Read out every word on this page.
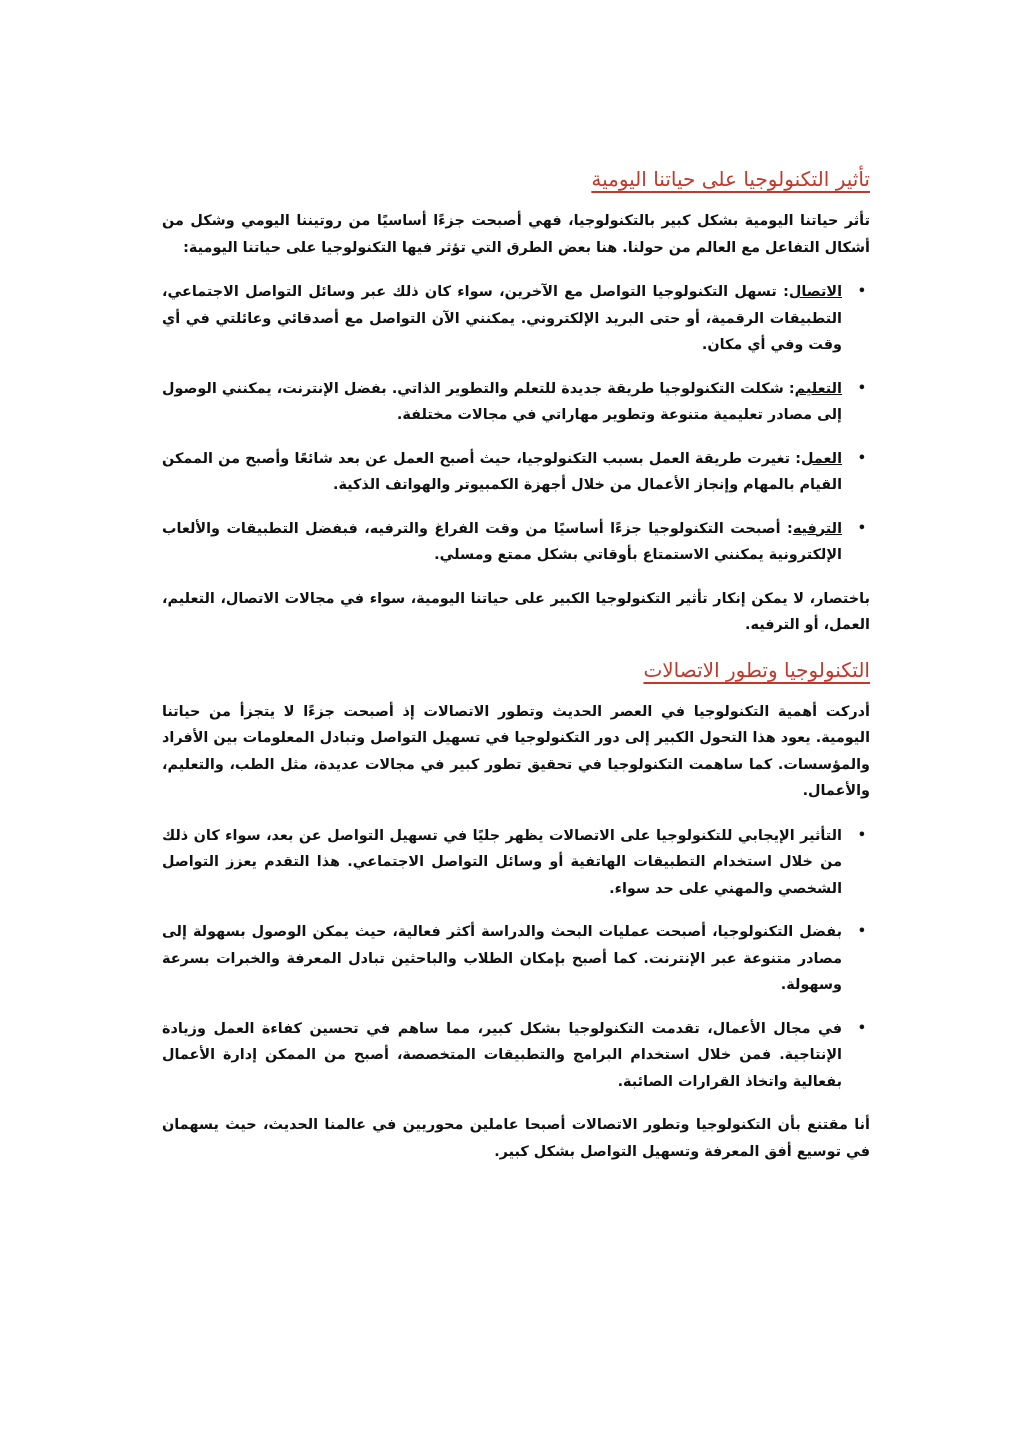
تأثير التكنولوجيا على حياتنا اليومية

تأثر حياتنا اليومية بشكل كبير بالتكنولوجيا، فهي أصبحت جزءًا أساسيًا من روتيننا اليومي وشكل من أشكال التفاعل مع العالم من حولنا. هنا بعض الطرق التي تؤثر فيها التكنولوجيا على حياتنا اليومية:

•
الاتصال: تسهل التكنولوجيا التواصل مع الآخرين، سواء كان ذلك عبر وسائل التواصل الاجتماعي، التطبيقات الرقمية، أو حتى البريد الإلكتروني. يمكنني الآن التواصل مع أصدقائي وعائلتي في أي وقت وفي أي مكان.
•
التعليم: شكلت التكنولوجيا طريقة جديدة للتعلم والتطوير الذاتي. بفضل الإنترنت، يمكنني الوصول إلى مصادر تعليمية متنوعة وتطوير مهاراتي في مجالات مختلفة.
•
العمل: تغيرت طريقة العمل بسبب التكنولوجيا، حيث أصبح العمل عن بعد شائعًا وأصبح من الممكن القيام بالمهام وإنجاز الأعمال من خلال أجهزة الكمبيوتر والهواتف الذكية.
•
الترفيه: أصبحت التكنولوجيا جزءًا أساسيًا من وقت الفراغ والترفيه، فبفضل التطبيقات والألعاب الإلكترونية يمكنني الاستمتاع بأوقاتي بشكل ممتع ومسلي.

باختصار، لا يمكن إنكار تأثير التكنولوجيا الكبير على حياتنا اليومية، سواء في مجالات الاتصال، التعليم، العمل، أو الترفيه.

التكنولوجيا وتطور الاتصالات

أدركت أهمية التكنولوجيا في العصر الحديث وتطور الاتصالات إذ أصبحت جزءًا لا يتجزأ من حياتنا اليومية. يعود هذا التحول الكبير إلى دور التكنولوجيا في تسهيل التواصل وتبادل المعلومات بين الأفراد والمؤسسات. كما ساهمت التكنولوجيا في تحقيق تطور كبير في مجالات عديدة، مثل الطب، والتعليم، والأعمال.

•
التأثير الإيجابي للتكنولوجيا على الاتصالات يظهر جليًا في تسهيل التواصل عن بعد، سواء كان ذلك من خلال استخدام التطبيقات الهاتفية أو وسائل التواصل الاجتماعي. هذا التقدم يعزز التواصل الشخصي والمهني على حد سواء.
•
بفضل التكنولوجيا، أصبحت عمليات البحث والدراسة أكثر فعالية، حيث يمكن الوصول بسهولة إلى مصادر متنوعة عبر الإنترنت. كما أصبح بإمكان الطلاب والباحثين تبادل المعرفة والخبرات بسرعة وسهولة.
•
في مجال الأعمال، تقدمت التكنولوجيا بشكل كبير، مما ساهم في تحسين كفاءة العمل وزيادة الإنتاجية. فمن خلال استخدام البرامج والتطبيقات المتخصصة، أصبح من الممكن إدارة الأعمال بفعالية واتخاذ القرارات الصائبة.

أنا مقتنع بأن التكنولوجيا وتطور الاتصالات أصبحا عاملين محوريين في عالمنا الحديث، حيث يسهمان في توسيع أفق المعرفة وتسهيل التواصل بشكل كبير.
